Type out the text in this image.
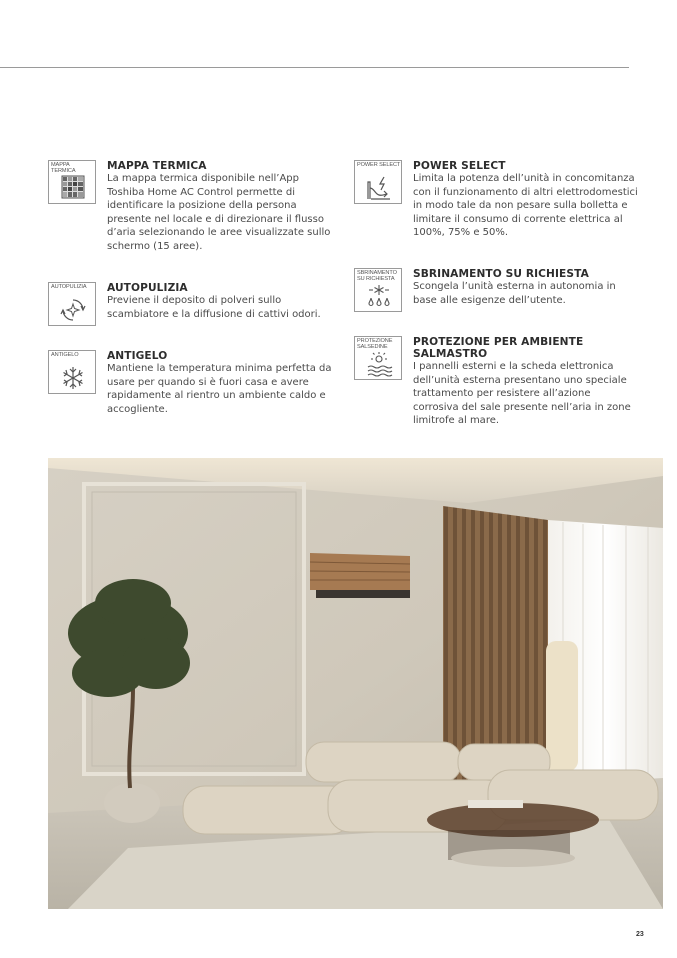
MAPPA
TERMICA	MAPPA TERMICA

La mappa termica disponibile nell’App Toshiba Home AC Control permette di identificare la posizione della persona presente nel locale e di direzionare il flusso d’aria selezionando le aree visualizzate sullo schermo (15 aree).

AUTOPULIZIA AUTOPULIZIA

Previene il deposito di polveri sullo scambiatore e la diffusione di cattivi odori.

ANTIGELO	ANTIGELO

Mantiene la temperatura minima perfetta da usare per quando si è fuori casa e avere rapidamente al rientro un ambiente caldo e accogliente.

POWER SELECT POWER SELECT

Limita la potenza dell’unità in concomitanza con il funzionamento di altri elettrodomestici in modo tale da non pesare sulla bolletta e limitare il consumo di corrente elettrica al 100%, 75% e 50%.

SBRINAMENTO
SU RICHIESTA SBRINAMENTO SU RICHIESTA

Scongela l’unità esterna in autonomia in base alle esigenze dell’utente.

PROTEZIONE
SALSEDINE	PROTEZIONE PER AMBIENTE SALMASTRO

I pannelli esterni e la scheda elettronica dell’unità esterna presentano uno speciale trattamento per resistere all’azione corrosiva del sale presente nell’aria in zone limitrofe al mare.

23
